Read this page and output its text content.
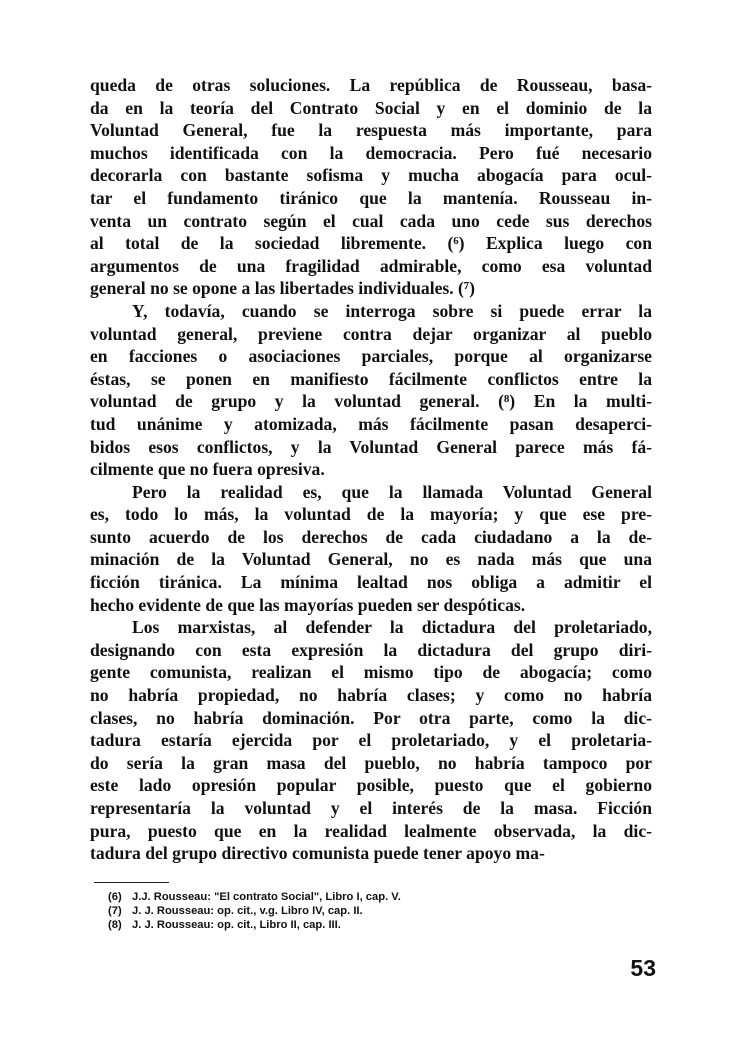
queda de otras soluciones. La república de Rousseau, basa-
da en la teoría del Contrato Social y en el dominio de la
Voluntad General, fue la respuesta más importante, para
muchos identificada con la democracia. Pero fué necesario
decorarla con bastante sofisma y mucha abogacía para ocul-
tar el fundamento tiránico que la mantenía. Rousseau in-
venta un contrato según el cual cada uno cede sus derechos
al total de la sociedad libremente. (⁶) Explica luego con
argumentos de una fragilidad admirable, como esa voluntad
general no se opone a las libertades individuales. (⁷)
Y, todavía, cuando se interroga sobre si puede errar la
voluntad general, previene contra dejar organizar al pueblo
en facciones o asociaciones parciales, porque al organizarse
éstas, se ponen en manifiesto fácilmente conflictos entre la
voluntad de grupo y la voluntad general. (⁸) En la multi-
tud unánime y atomizada, más fácilmente pasan desaperci-
bidos esos conflictos, y la Voluntad General parece más fá-
cilmente que no fuera opresiva.
Pero la realidad es, que la llamada Voluntad General
es, todo lo más, la voluntad de la mayoría; y que ese pre-
sunto acuerdo de los derechos de cada ciudadano a la de-
minación de la Voluntad General, no es nada más que una
ficción tiránica. La mínima lealtad nos obliga a admitir el
hecho evidente de que las mayorías pueden ser despóticas.
Los marxistas, al defender la dictadura del proletariado,
designando con esta expresión la dictadura del grupo diri-
gente comunista, realizan el mismo tipo de abogacía; como
no habría propiedad, no habría clases; y como no habría
clases, no habría dominación. Por otra parte, como la dic-
tadura estaría ejercida por el proletariado, y el proletaria-
do sería la gran masa del pueblo, no habría tampoco por
este lado opresión popular posible, puesto que el gobierno
representaría la voluntad y el interés de la masa. Ficción
pura, puesto que en la realidad lealmente observada, la dic-
tadura del grupo directivo comunista puede tener apoyo ma-
(6) J.J. Rousseau: "El contrato Social", Libro I, cap. V.
(7) J. J. Rousseau: op. cit., v.g. Libro IV, cap. II.
(8) J. J. Rousseau: op. cit., Libro II, cap. III.
53
